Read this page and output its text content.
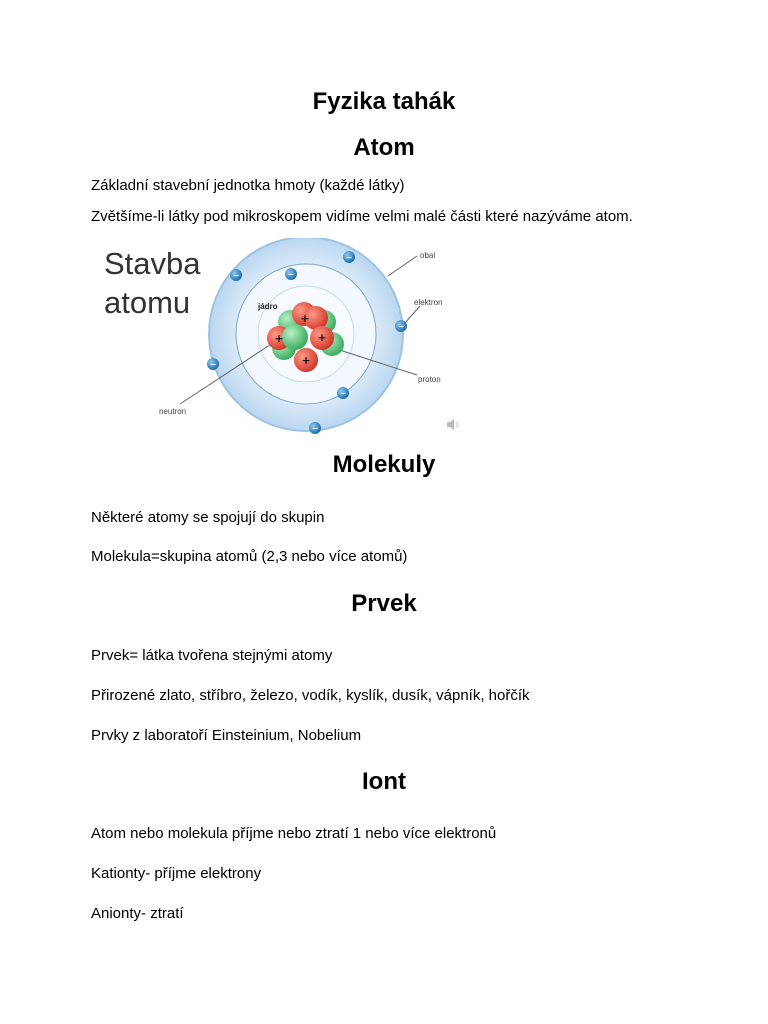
Fyzika tahák
Atom

Základní stavební jednotka hmoty (každé látky)

Zvětšíme-li látky pod mikroskopem vidíme velmi malé části které nazýváme atom.

Stavba
atomu
obal
elektron
jádro
proton
neutron
+
+
+
+
−
−
−
−
−
−
−
Molekuly

Některé atomy se spojují do skupin

Molekula=skupina atomů (2,3 nebo více atomů)

Prvek

Prvek= látka tvořena stejnými atomy

Přirozené zlato, stříbro, železo, vodík, kyslík, dusík, vápník, hořčík

Prvky z laboratoří Einsteinium, Nobelium

Iont

Atom nebo molekula příjme nebo ztratí 1 nebo více elektronů

Kationty- příjme elektrony

Anionty- ztratí
